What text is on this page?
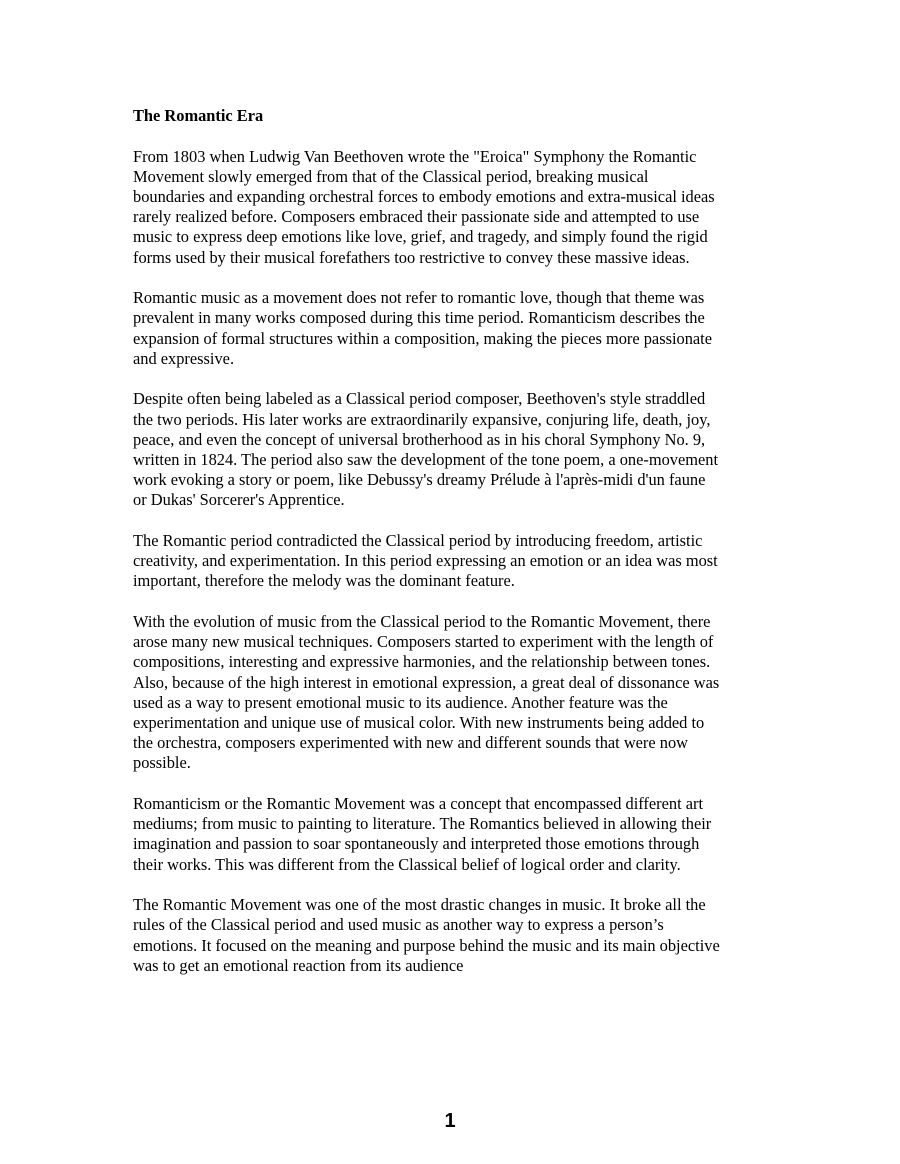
The Romantic Era
From 1803 when Ludwig Van Beethoven wrote the "Eroica" Symphony the Romantic
Movement slowly emerged from that of the Classical period, breaking musical
boundaries and expanding orchestral forces to embody emotions and extra-musical ideas
rarely realized before. Composers embraced their passionate side and attempted to use
music to express deep emotions like love, grief, and tragedy, and simply found the rigid
forms used by their musical forefathers too restrictive to convey these massive ideas.
Romantic music as a movement does not refer to romantic love, though that theme was
prevalent in many works composed during this time period. Romanticism describes the
expansion of formal structures within a composition, making the pieces more passionate
and expressive.
Despite often being labeled as a Classical period composer, Beethoven's style straddled
the two periods. His later works are extraordinarily expansive, conjuring life, death, joy,
peace, and even the concept of universal brotherhood as in his choral Symphony No. 9,
written in 1824. The period also saw the development of the tone poem, a one-movement
work evoking a story or poem, like Debussy's dreamy Prélude à l'après-midi d'un faune
or Dukas' Sorcerer's Apprentice.
The Romantic period contradicted the Classical period by introducing freedom, artistic
creativity, and experimentation. In this period expressing an emotion or an idea was most
important, therefore the melody was the dominant feature.
With the evolution of music from the Classical period to the Romantic Movement, there
arose many new musical techniques. Composers started to experiment with the length of
compositions, interesting and expressive harmonies, and the relationship between tones.
Also, because of the high interest in emotional expression, a great deal of dissonance was
used as a way to present emotional music to its audience. Another feature was the
experimentation and unique use of musical color. With new instruments being added to
the orchestra, composers experimented with new and different sounds that were now
possible.
Romanticism or the Romantic Movement was a concept that encompassed different art
mediums; from music to painting to literature. The Romantics believed in allowing their
imagination and passion to soar spontaneously and interpreted those emotions through
their works. This was different from the Classical belief of logical order and clarity.
The Romantic Movement was one of the most drastic changes in music. It broke all the
rules of the Classical period and used music as another way to express a person’s
emotions. It focused on the meaning and purpose behind the music and its main objective
was to get an emotional reaction from its audience
1
